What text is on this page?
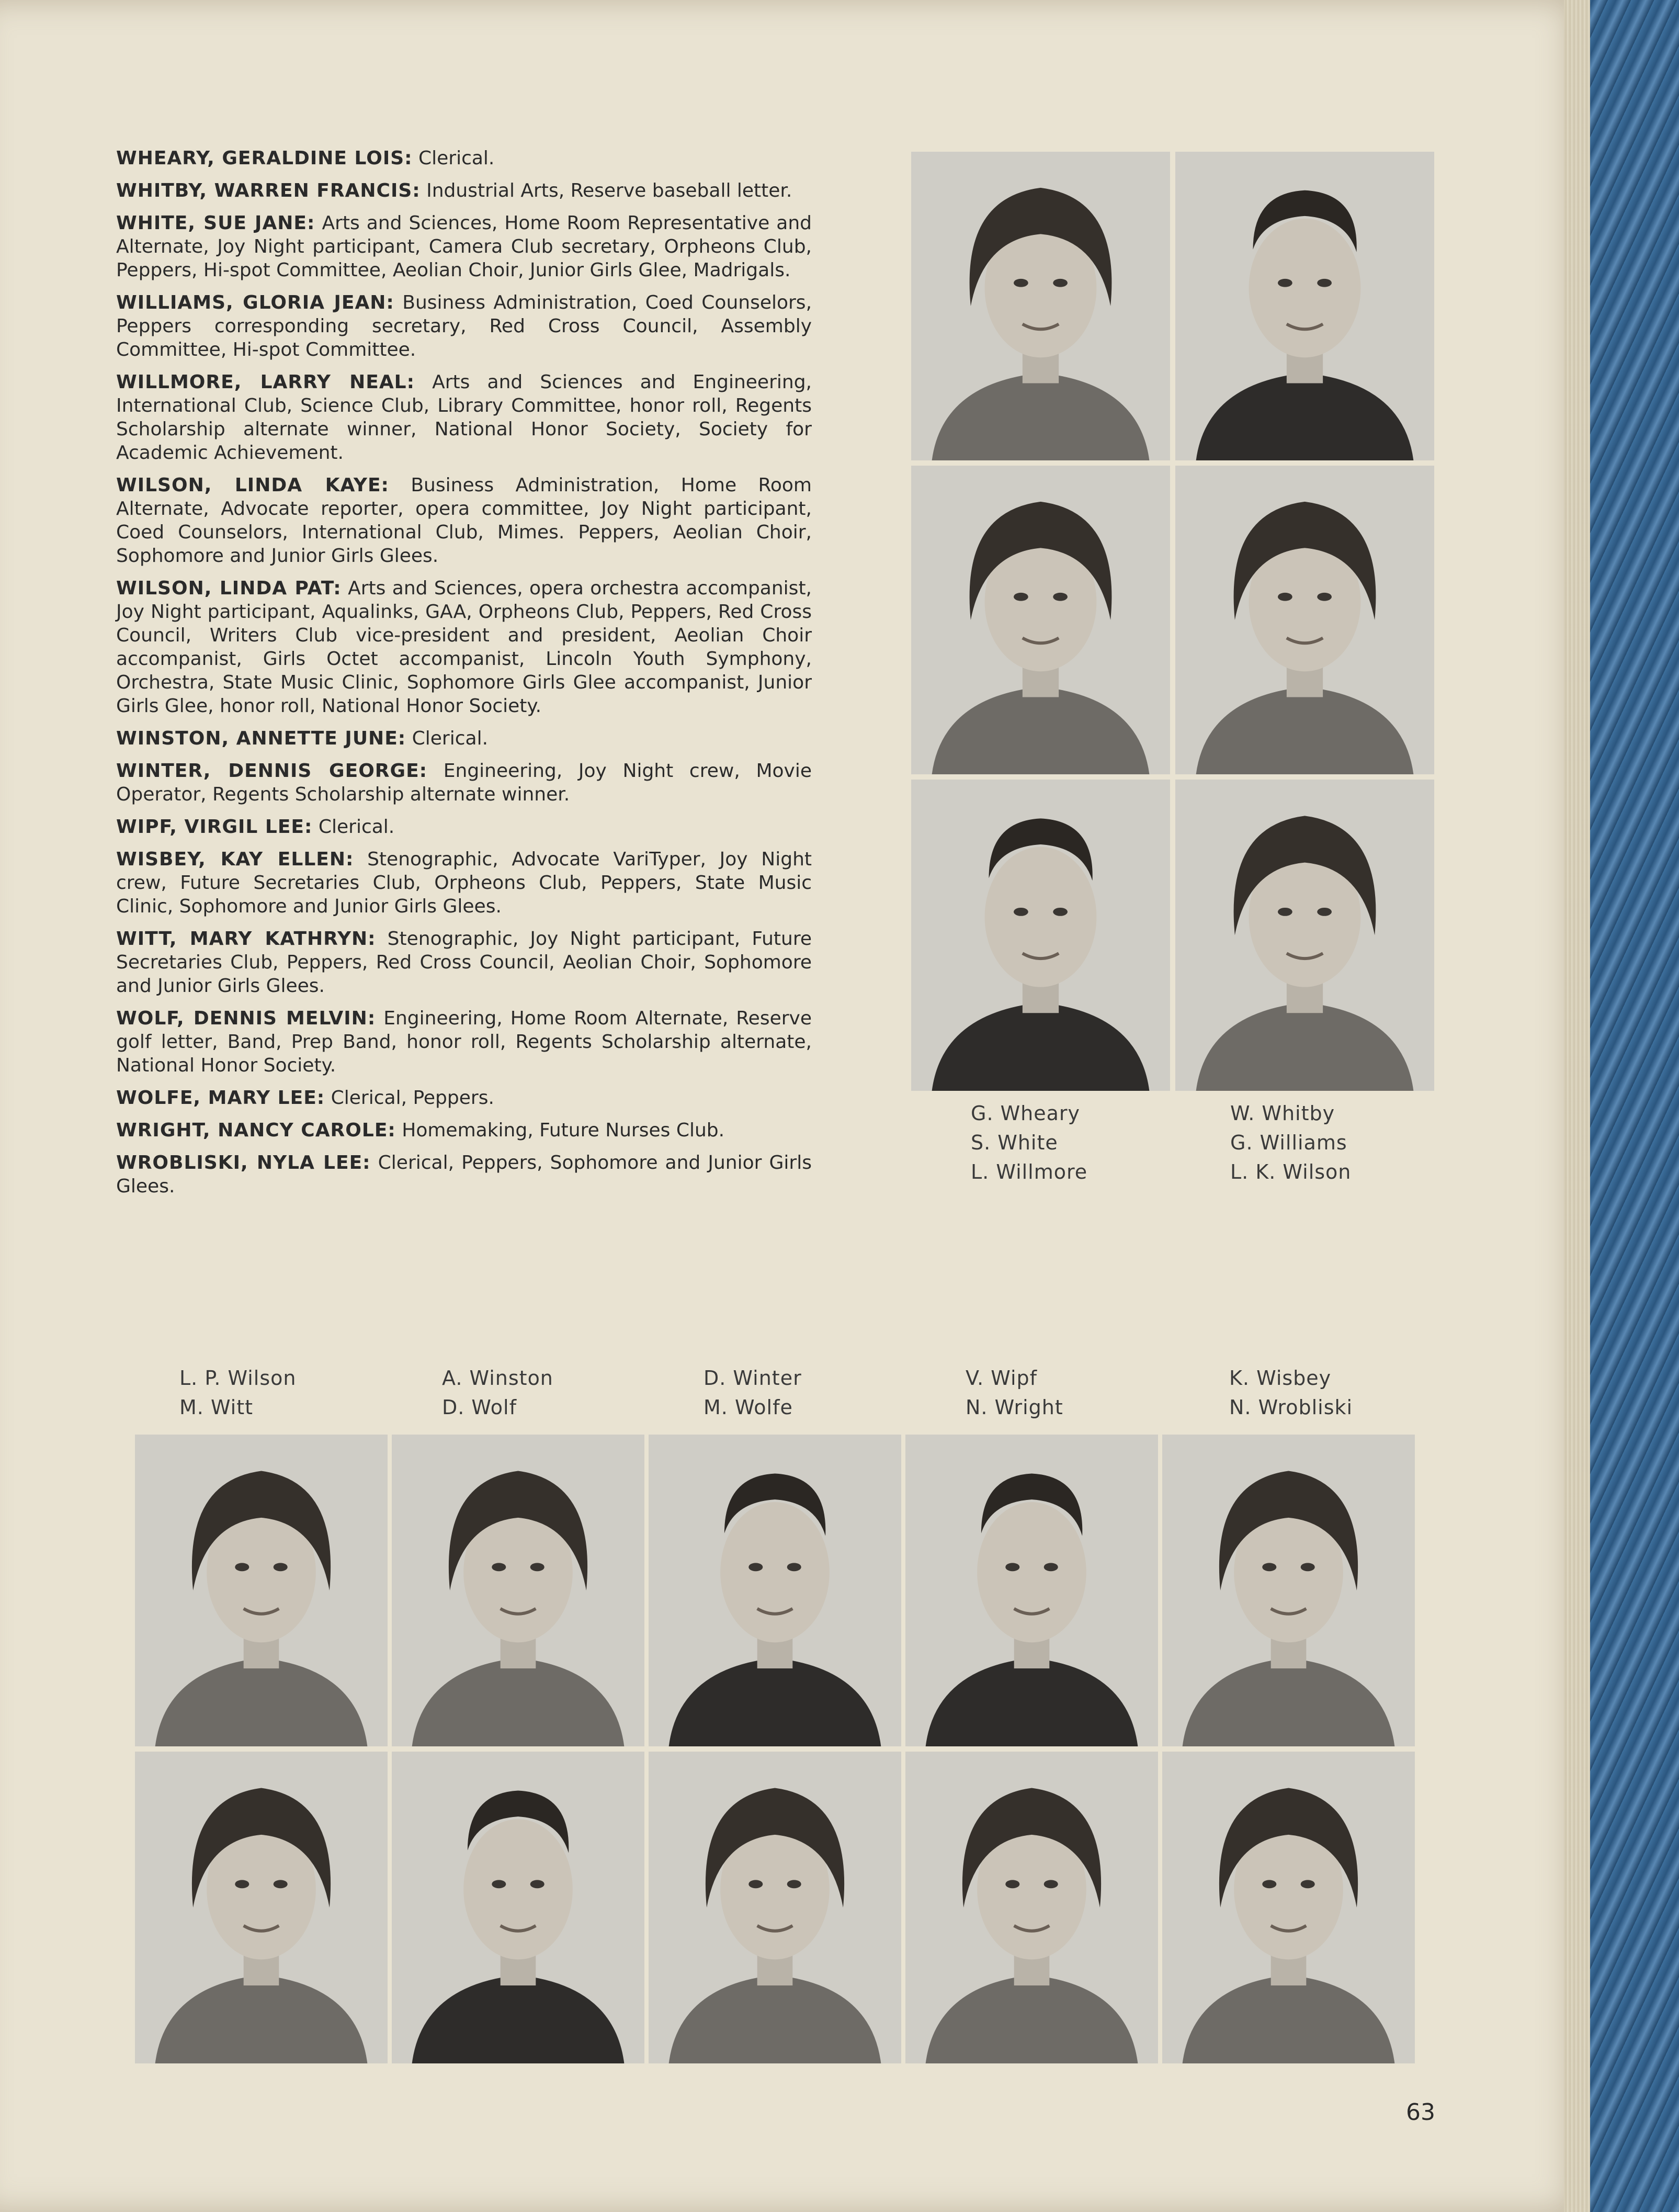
WHEARY, GERALDINE LOIS: Clerical.

WHITBY, WARREN FRANCIS: Industrial Arts, Reserve baseball letter.

WHITE, SUE JANE: Arts and Sciences, Home Room Representative and Alternate, Joy Night participant, Camera Club secretary, Orpheons Club, Peppers, Hi-spot Committee, Aeolian Choir, Junior Girls Glee, Madrigals.

WILLIAMS, GLORIA JEAN: Business Administration, Coed Counselors, Peppers corresponding secretary, Red Cross Council, Assembly Committee, Hi-spot Committee.

WILLMORE, LARRY NEAL: Arts and Sciences and Engineering, International Club, Science Club, Library Committee, honor roll, Regents Scholarship alternate winner, National Honor Society, Society for Academic Achievement.

WILSON, LINDA KAYE: Business Administration, Home Room Alternate, Advocate reporter, opera committee, Joy Night participant, Coed Counselors, International Club, Mimes. Peppers, Aeolian Choir, Sophomore and Junior Girls Glees.

WILSON, LINDA PAT: Arts and Sciences, opera orchestra accompanist, Joy Night participant, Aqualinks, GAA, Orpheons Club, Peppers, Red Cross Council, Writers Club vice-president and president, Aeolian Choir accompanist, Girls Octet accompanist, Lincoln Youth Symphony, Orchestra, State Music Clinic, Sophomore Girls Glee accompanist, Junior Girls Glee, honor roll, National Honor Society.

WINSTON, ANNETTE JUNE: Clerical.

WINTER, DENNIS GEORGE: Engineering, Joy Night crew, Movie Operator, Regents Scholarship alternate winner.

WIPF, VIRGIL LEE: Clerical.

WISBEY, KAY ELLEN: Stenographic, Advocate VariTyper, Joy Night crew, Future Secretaries Club, Orpheons Club, Peppers, State Music Clinic, Sophomore and Junior Girls Glees.

WITT, MARY KATHRYN: Stenographic, Joy Night participant, Future Secretaries Club, Peppers, Red Cross Council, Aeolian Choir, Sophomore and Junior Girls Glees.

WOLF, DENNIS MELVIN: Engineering, Home Room Alternate, Reserve golf letter, Band, Prep Band, honor roll, Regents Scholarship alternate, National Honor Society.

WOLFE, MARY LEE: Clerical, Peppers.

WRIGHT, NANCY CAROLE: Homemaking, Future Nurses Club.

WROBLISKI, NYLA LEE: Clerical, Peppers, Sophomore and Junior Girls Glees.

G. Wheary
S. White
L. Willmore
W. Whitby
G. Williams
L. K. Wilson
L. P. Wilson
M. Witt
A. Winston
D. Wolf
D. Winter
M. Wolfe
V. Wipf
N. Wright
K. Wisbey
N. Wrobliski
63
